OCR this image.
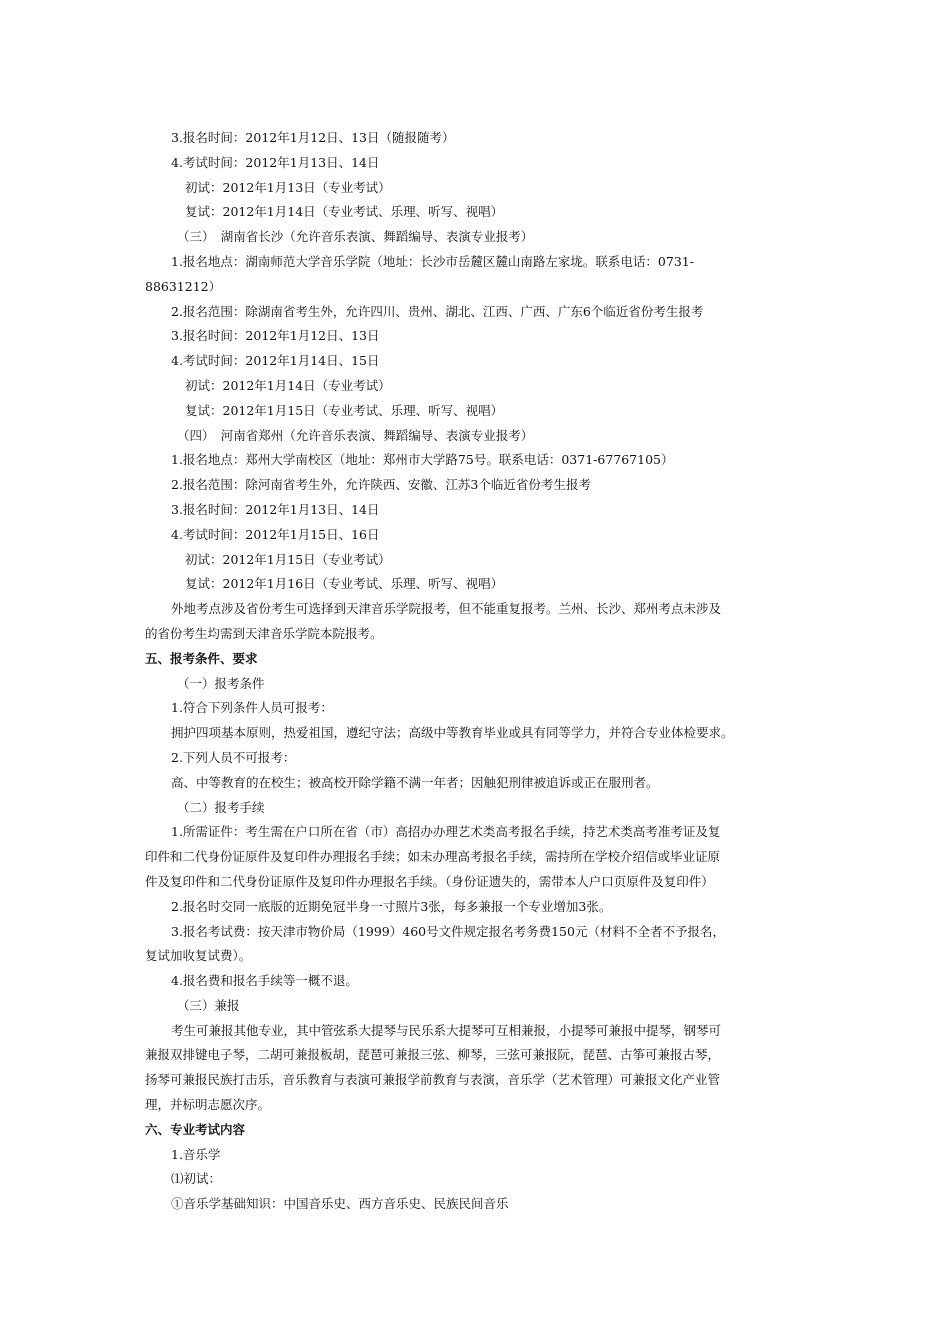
3.报名时间：2012年1月12日、13日（随报随考）
4.考试时间：2012年1月13日、14日
初试：2012年1月13日（专业考试）
复试：2012年1月14日（专业考试、乐理、听写、视唱）
（三）　湖南省长沙（允许音乐表演、舞蹈编导、表演专业报考）
1.报名地点：湖南师范大学音乐学院（地址：长沙市岳麓区麓山南路左家垅。联系电话：0731-
88631212）
2.报名范围：除湖南省考生外，允许四川、贵州、湖北、江西、广西、广东6个临近省份考生报考
3.报名时间：2012年1月12日、13日
4.考试时间：2012年1月14日、15日
初试：2012年1月14日（专业考试）
复试：2012年1月15日（专业考试、乐理、听写、视唱）
（四）　河南省郑州（允许音乐表演、舞蹈编导、表演专业报考）
1.报名地点：郑州大学南校区（地址：郑州市大学路75号。联系电话：0371-67767105）
2.报名范围：除河南省考生外，允许陕西、安徽、江苏3个临近省份考生报考
3.报名时间：2012年1月13日、14日
4.考试时间：2012年1月15日、16日
初试：2012年1月15日（专业考试）
复试：2012年1月16日（专业考试、乐理、听写、视唱）
外地考点涉及省份考生可选择到天津音乐学院报考，但不能重复报考。兰州、长沙、郑州考点未涉及
的省份考生均需到天津音乐学院本院报考。
五、报考条件、要求
（一）报考条件
1.符合下列条件人员可报考：
拥护四项基本原则，热爱祖国，遵纪守法；高级中等教育毕业或具有同等学力，并符合专业体检要求。
2.下列人员不可报考：
高、中等教育的在校生；被高校开除学籍不满一年者；因触犯刑律被追诉或正在服刑者。
（二）报考手续
1.所需证件：考生需在户口所在省（市）高招办办理艺术类高考报名手续，持艺术类高考准考证及复
印件和二代身份证原件及复印件办理报名手续；如未办理高考报名手续，需持所在学校介绍信或毕业证原
件及复印件和二代身份证原件及复印件办理报名手续。（身份证遗失的，需带本人户口页原件及复印件）
2.报名时交同一底版的近期免冠半身一寸照片3张，每多兼报一个专业增加3张。
3.报名考试费：按天津市物价局（1999）460号文件规定报名考务费150元（材料不全者不予报名，
复试加收复试费）。
4.报名费和报名手续等一概不退。
（三）兼报
考生可兼报其他专业，其中管弦系大提琴与民乐系大提琴可互相兼报，小提琴可兼报中提琴，钢琴可
兼报双排键电子琴，二胡可兼报板胡，琵琶可兼报三弦、柳琴，三弦可兼报阮，琵琶、古筝可兼报古琴，
扬琴可兼报民族打击乐，音乐教育与表演可兼报学前教育与表演，音乐学（艺术管理）可兼报文化产业管
理，并标明志愿次序。
六、专业考试内容
1.音乐学
⑴初试：
①音乐学基础知识：中国音乐史、西方音乐史、民族民间音乐
